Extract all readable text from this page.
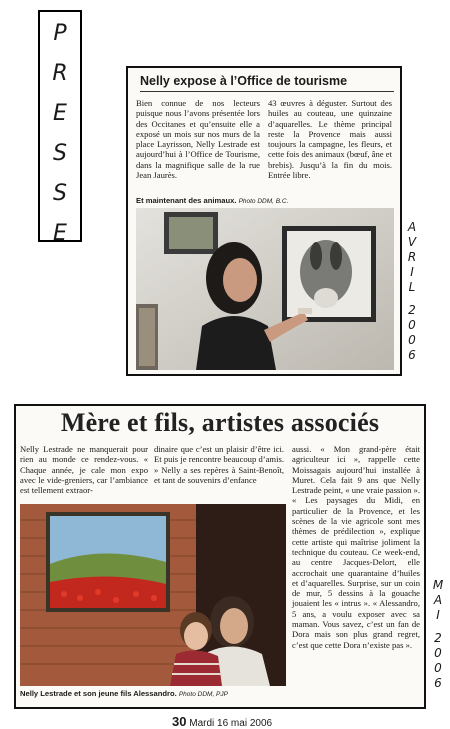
P
R
E
S
S
E
Nelly expose à l’Office de tourisme
Bien connue de nos lecteurs puisque nous l’avons présentée lors des Occitanes et qu’ensuite elle a exposé un mois sur nos murs de la place Layrisson, Nelly Lestrade est aujourd’hui à l’Office de Tourisme, dans la magnifique salle de la rue Jean Jaurès.
43 œuvres à déguster. Surtout des huiles au couteau, une quinzaine d’aquarelles. Le thème principal reste la Provence mais aussi toujours la campagne, les fleurs, et cette fois des animaux (bœuf, âne et brebis). Jusqu’à la fin du mois. Entrée libre.
Et maintenant des animaux. Photo DDM, B.C.
A
V
R
I
L
2
0
0
6
Mère et fils, artistes associés
Nelly Lestrade ne manquerait pour rien au monde ce rendez-vous. « Chaque année, je cale mon expo avec le vide-greniers, car l’ambiance est tellement extraor-
dinaire que c’est un plaisir d’être ici. Et puis je rencontre beaucoup d’amis. » Nelly a ses repères à Saint-Benoît, et tant de souvenirs d’enfance
aussi. « Mon grand-père était agriculteur ici », rappelle cette Moissagais aujourd’hui installée à Muret. Cela fait 9 ans que Nelly Lestrade peint, « une vraie passion ». « Les paysages du Midi, en particulier de la Provence, et les scènes de la vie agricole sont mes thèmes de prédilection », explique cette artiste qui maîtrise joliment la technique du couteau. Ce week-end, au centre Jacques-Delort, elle accrochait une quarantaine d’huiles et d’aquarelles. Surprise, sur un coin de mur, 5 dessins à la gouache jouaient les « intrus ». « Alessandro, 5 ans, a voulu exposer avec sa maman. Vous savez, c’est un fan de Dora mais son plus grand regret, c’est que cette Dora n’existe pas ».
Nelly Lestrade et son jeune fils Alessandro. Photo DDM, PJP
M
A
I
2
0
0
6
30 Mardi 16 mai 2006
